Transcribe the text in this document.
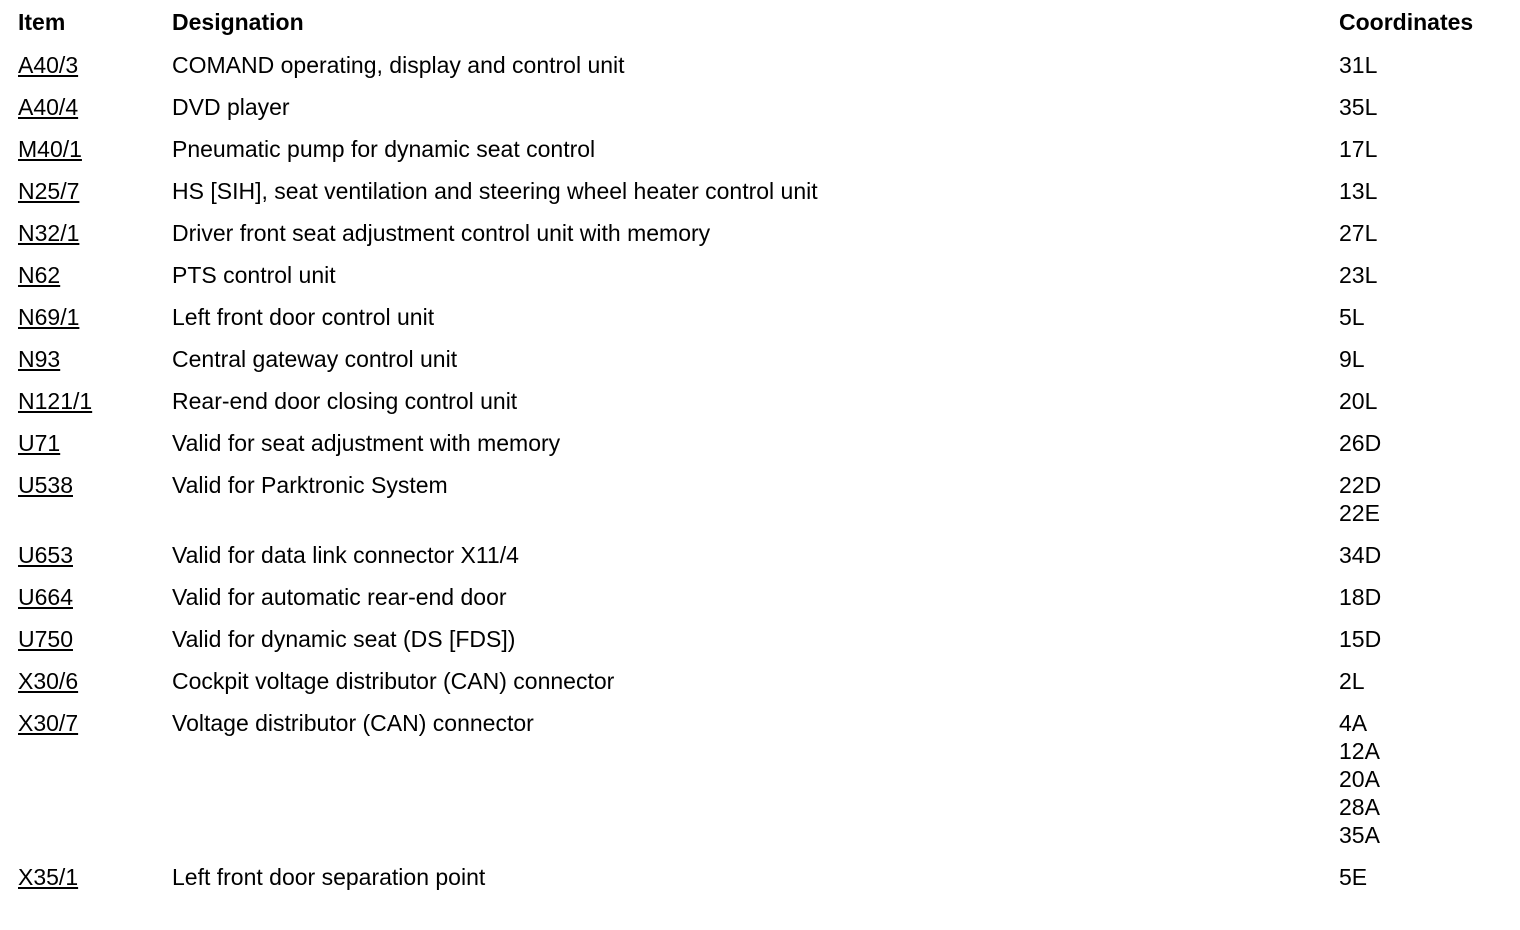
Item	Designation	Coordinates
A40/3	COMAND operating, display and control unit	31L
A40/4	DVD player	35L
M40/1	Pneumatic pump for dynamic seat control	17L
N25/7	HS [SIH], seat ventilation and steering wheel heater control unit	13L
N32/1	Driver front seat adjustment control unit with memory	27L
N62	PTS control unit	23L
N69/1	Left front door control unit	5L
N93	Central gateway control unit	9L
N121/1	Rear-end door closing control unit	20L
U71	Valid for seat adjustment with memory	26D
U538	Valid for Parktronic System	22D
22E
U653	Valid for data link connector X11/4	34D
U664	Valid for automatic rear-end door	18D
U750	Valid for dynamic seat (DS [FDS])	15D
X30/6	Cockpit voltage distributor (CAN) connector	2L
X30/7	Voltage distributor (CAN) connector	4A
12A
20A
28A
35A
X35/1	Left front door separation point	5E
